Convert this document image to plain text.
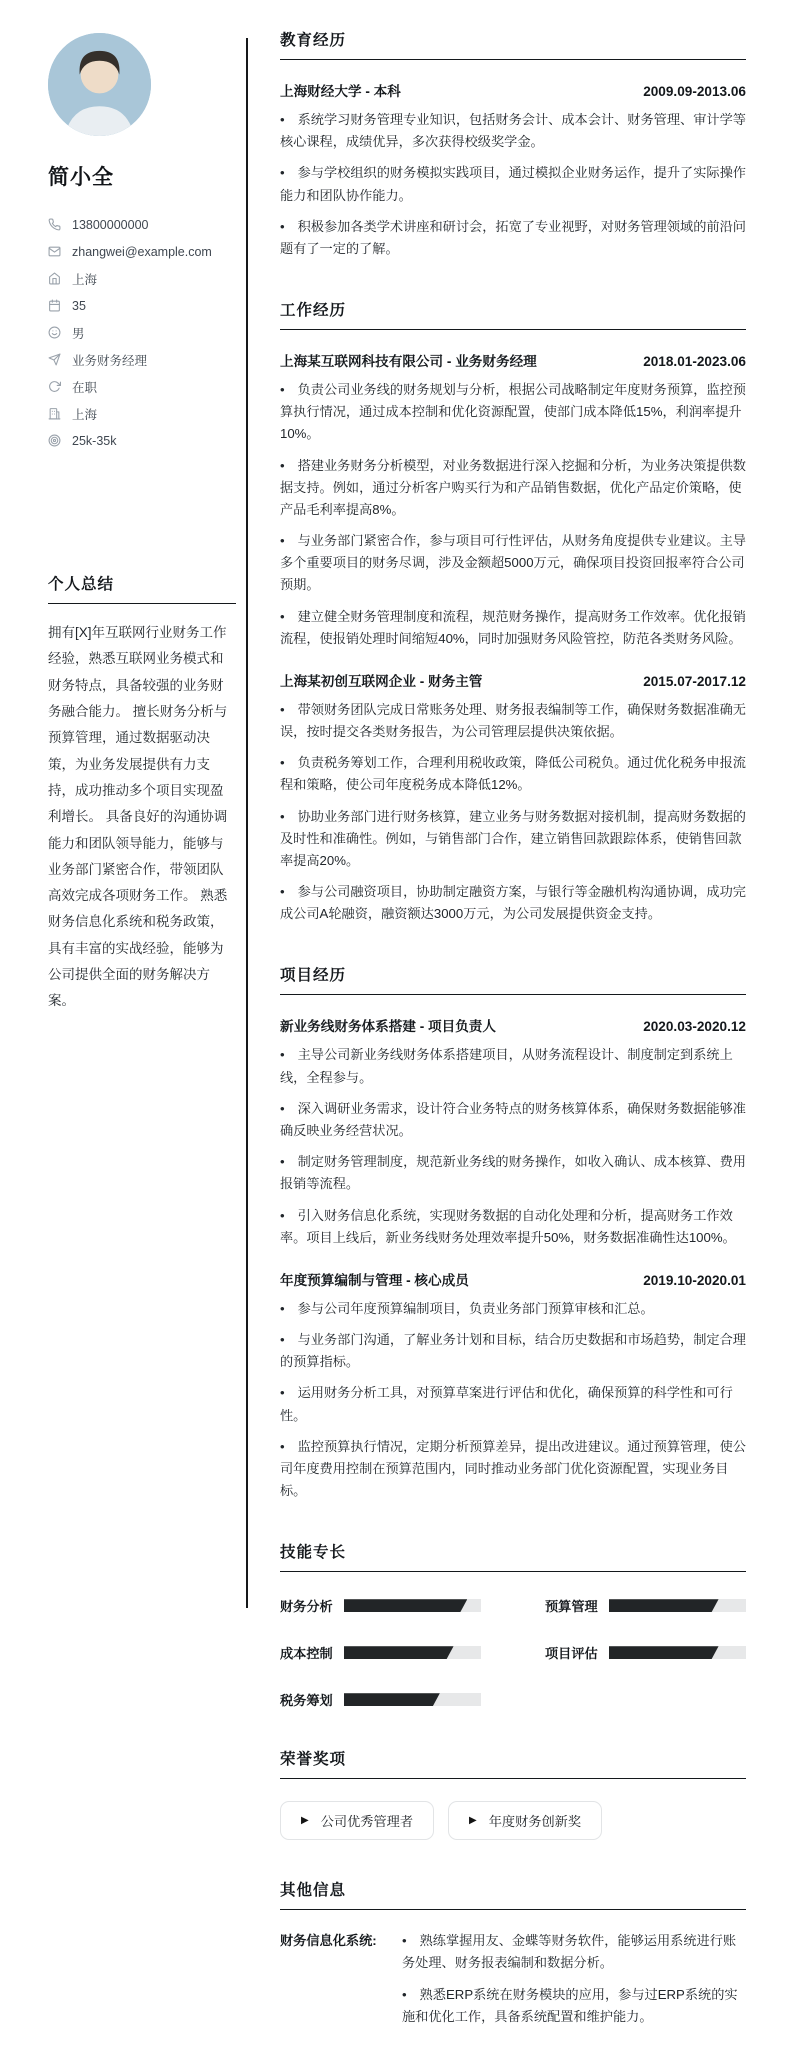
简小全
13800000000
zhangwei@example.com
上海
35
男
业务财务经理
在职
上海
25k-35k
个人总结

拥有[X]年互联网行业财务工作经验，熟悉互联网业务模式和财务特点，具备较强的业务财务融合能力。 擅长财务分析与预算管理，通过数据驱动决策，为业务发展提供有力支持，成功推动多个项目实现盈利增长。 具备良好的沟通协调能力和团队领导能力，能够与业务部门紧密合作，带领团队高效完成各项财务工作。 熟悉财务信息化系统和税务政策，具有丰富的实战经验，能够为公司提供全面的财务解决方案。

教育经历
上海财经大学 - 本科	2009.09-2013.06

• 系统学习财务管理专业知识，包括财务会计、成本会计、财务管理、审计学等核心课程，成绩优异，多次获得校级奖学金。

• 参与学校组织的财务模拟实践项目，通过模拟企业财务运作，提升了实际操作能力和团队协作能力。

• 积极参加各类学术讲座和研讨会，拓宽了专业视野，对财务管理领域的前沿问题有了一定的了解。

工作经历
上海某互联网科技有限公司 - 业务财务经理	2018.01-2023.06

• 负责公司业务线的财务规划与分析，根据公司战略制定年度财务预算，监控预算执行情况，通过成本控制和优化资源配置，使部门成本降低15%，利润率提升10%。

• 搭建业务财务分析模型，对业务数据进行深入挖掘和分析，为业务决策提供数据支持。例如，通过分析客户购买行为和产品销售数据，优化产品定价策略，使产品毛利率提高8%。

• 与业务部门紧密合作，参与项目可行性评估，从财务角度提供专业建议。主导多个重要项目的财务尽调，涉及金额超5000万元，确保项目投资回报率符合公司预期。

• 建立健全财务管理制度和流程，规范财务操作，提高财务工作效率。优化报销流程，使报销处理时间缩短40%，同时加强财务风险管控，防范各类财务风险。

上海某初创互联网企业 - 财务主管	2015.07-2017.12

• 带领财务团队完成日常账务处理、财务报表编制等工作，确保财务数据准确无误，按时提交各类财务报告，为公司管理层提供决策依据。

• 负责税务筹划工作，合理利用税收政策，降低公司税负。通过优化税务申报流程和策略，使公司年度税务成本降低12%。

• 协助业务部门进行财务核算，建立业务与财务数据对接机制，提高财务数据的及时性和准确性。例如，与销售部门合作，建立销售回款跟踪体系，使销售回款率提高20%。

• 参与公司融资项目，协助制定融资方案，与银行等金融机构沟通协调，成功完成公司A轮融资，融资额达3000万元，为公司发展提供资金支持。

项目经历
新业务线财务体系搭建 - 项目负责人	2020.03-2020.12

• 主导公司新业务线财务体系搭建项目，从财务流程设计、制度制定到系统上线，全程参与。

• 深入调研业务需求，设计符合业务特点的财务核算体系，确保财务数据能够准确反映业务经营状况。

• 制定财务管理制度，规范新业务线的财务操作，如收入确认、成本核算、费用报销等流程。

• 引入财务信息化系统，实现财务数据的自动化处理和分析，提高财务工作效率。项目上线后，新业务线财务处理效率提升50%，财务数据准确性达100%。

年度预算编制与管理 - 核心成员	2019.10-2020.01

• 参与公司年度预算编制项目，负责业务部门预算审核和汇总。

• 与业务部门沟通，了解业务计划和目标，结合历史数据和市场趋势，制定合理的预算指标。

• 运用财务分析工具，对预算草案进行评估和优化，确保预算的科学性和可行性。

• 监控预算执行情况，定期分析预算差异，提出改进建议。通过预算管理，使公司年度费用控制在预算范围内，同时推动业务部门优化资源配置，实现业务目标。

技能专长
财务分析	预算管理
成本控制	项目评估
税务筹划
荣誉奖项
▶ 公司优秀管理者	▶ 年度财务创新奖
其他信息
财务信息化系统:	• 熟练掌握用友、金蝶等财务软件，能够运用系统进行账务处理、财务报表编制和数据分析。

• 熟悉ERP系统在财务模块的应用，参与过ERP系统的实施和优化工作，具备系统配置和维护能力。
